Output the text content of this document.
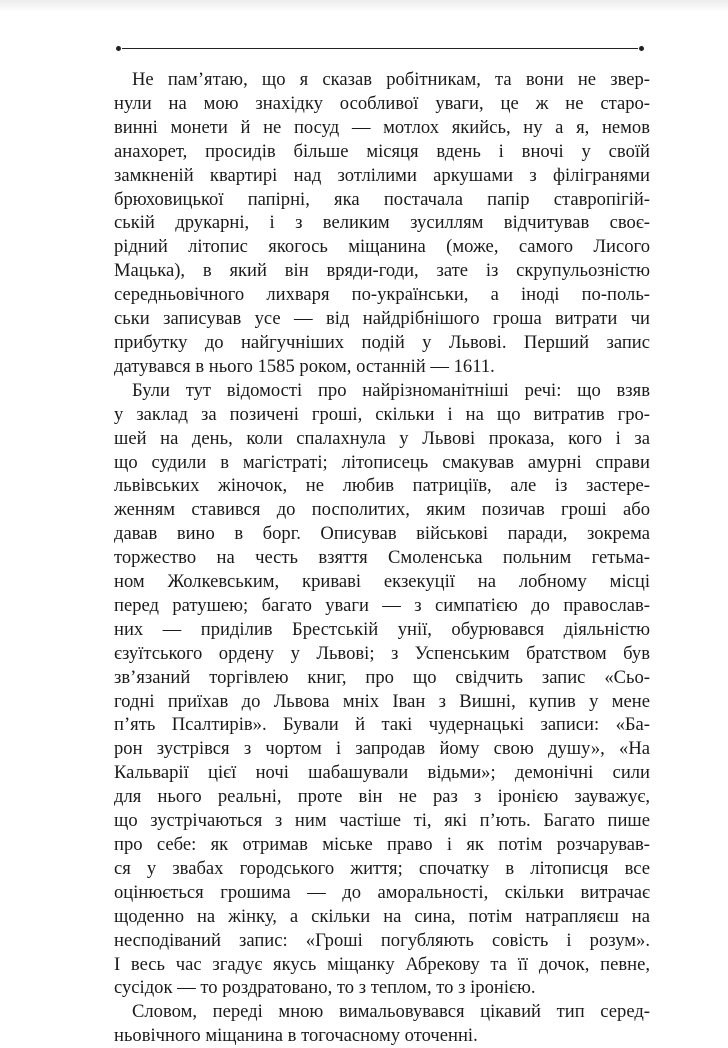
Не пам’ятаю, що я сказав робітникам, та вони не звер-
нули на мою знахідку особливої уваги, це ж не старо-
винні монети й не посуд — мотлох якийсь, ну а я, немов
анахорет, просидів більше місяця вдень і вночі у своїй
замкненій квартирі над зотлілими аркушами з філігранями
брюховицької папірні, яка постачала папір ставропігій-
ській друкарні, і з великим зусиллям відчитував своє-
рідний літопис якогось міщанина (може, самого Лисого
Мацька), в який він вряди-годи, зате із скрупульозністю
середньовічного лихваря по-українськи, а іноді по-поль-
ськи записував усе — від найдрібнішого гроша витрати чи
прибутку до найгучніших подій у Львові. Перший запис
датувався в нього 1585 роком, останній — 1611.
Були тут відомості про найрізноманітніші речі: що взяв
у заклад за позичені гроші, скільки і на що витратив гро-
шей на день, коли спалахнула у Львові проказа, кого і за
що судили в магістраті; літописець смакував амурні справи
львівських жіночок, не любив патриціїв, але із застере-
женням ставився до посполитих, яким позичав гроші або
давав вино в борг. Описував військові паради, зокрема
торжество на честь взяття Смоленська польним гетьма-
ном Жолкевським, криваві екзекуції на лобному місці
перед ратушею; багато уваги — з симпатією до православ-
них — приділив Брестській унії, обурювався діяльністю
єзуїтського ордену у Львові; з Успенським братством був
зв’язаний торгівлею книг, про що свідчить запис «Сьо-
годні приїхав до Львова мніх Іван з Вишні, купив у мене
п’ять Псалтирів». Бували й такі чудернацькі записи: «Ба-
рон зустрівся з чортом і запродав йому свою душу», «На
Кальварії цієї ночі шабашували відьми»; демонічні сили
для нього реальні, проте він не раз з іронією зауважує,
що зустрічаються з ним частіше ті, які п’ють. Багато пише
про себе: як отримав міське право і як потім розчарував-
ся у звабах городського життя; спочатку в літописця все
оцінюється грошима — до аморальності, скільки витрачає
щоденно на жінку, а скільки на сина, потім натрапляєш на
несподіваний запис: «Гроші погубляють совість і розум».
І весь час згадує якусь міщанку Абрекову та її дочок, певне,
сусідок — то роздратовано, то з теплом, то з іронією.
Словом, переді мною вимальовувався цікавий тип серед-
ньовічного міщанина в тогочасному оточенні.
